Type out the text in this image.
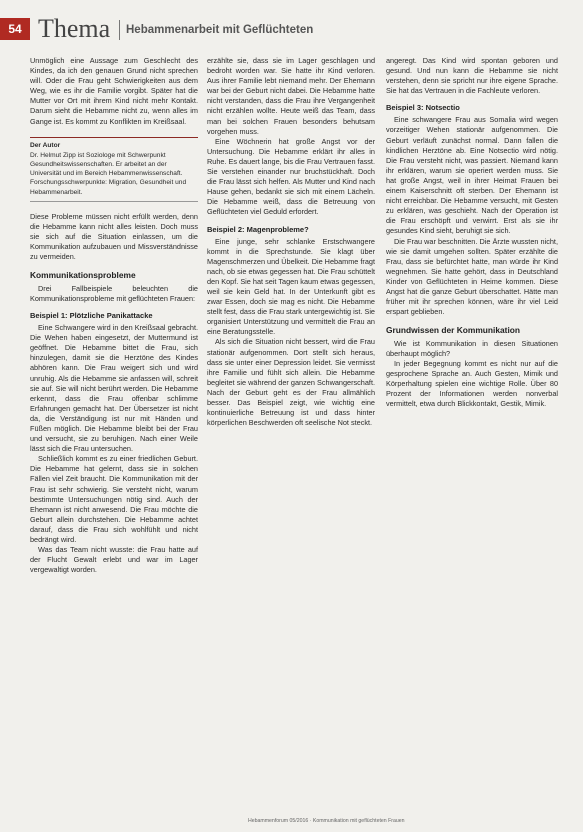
54 Thema Hebammenarbeit mit Geflüchteten

Unmöglich eine Aussage zum Geschlecht des Kindes, da ich den genauen Grund nicht sprechen will. Oder die Frau geht Schwierigkeiten aus dem Weg, wie es ihr die Familie vorgibt. Später hat die Mutter vor Ort mit ihrem Kind nicht mehr Kontakt. Darum sieht die Hebamme nicht zu, wenn alles im Gange ist. Es kommt zu Konflikten im Kreißsaal.

Der Autor
Dr. Helmut Zipp ist Soziologe mit Schwerpunkt Gesundheitswissenschaften. Er arbeitet an der Universität und im Bereich Hebammenwissenschaft. Forschungsschwerpunkte: Migration, Gesundheit und Hebammenarbeit.

Diese Probleme müssen nicht erfüllt werden, denn die Hebamme kann nicht alles leisten. Doch muss sie sich auf die Situation einlassen, um die Kommunikation aufzubauen und Missverständnisse zu vermeiden.

Kommunikationsprobleme

Drei Fallbeispiele beleuchten die Kommunikationsprobleme mit geflüchteten Frauen:

Beispiel 1: Plötzliche Panikattacke

Eine Schwangere wird in den Kreißsaal gebracht. Die Wehen haben eingesetzt, der Muttermund ist geöffnet. Die Hebamme bittet die Frau, sich hinzulegen, damit sie die Herztöne des Kindes abhören kann. Die Frau weigert sich und wird unruhig. Als die Hebamme sie anfassen will, schreit sie auf. Sie will nicht berührt werden. Die Hebamme erkennt, dass die Frau offenbar schlimme Erfahrungen gemacht hat. Der Übersetzer ist nicht da, die Verständigung ist nur mit Händen und Füßen möglich. Die Hebamme bleibt bei der Frau und versucht, sie zu beruhigen. Nach einer Weile lässt sich die Frau untersuchen.

Schließlich kommt es zu einer friedlichen Geburt. Die Hebamme hat gelernt, dass sie in solchen Fällen viel Zeit braucht. Die Kommunikation mit der Frau ist sehr schwierig. Sie versteht nicht, warum bestimmte Untersuchungen nötig sind. Auch der Ehemann ist nicht anwesend. Die Frau möchte die Geburt allein durchstehen. Die Hebamme achtet darauf, dass die Frau sich wohlfühlt und nicht bedrängt wird.

Was das Team nicht wusste: die Frau hatte auf der Flucht Gewalt erlebt und war im Lager vergewaltigt worden.

erzählte sie, dass sie im Lager geschlagen und bedroht worden war. Sie hatte ihr Kind verloren. Aus ihrer Familie lebt niemand mehr. Der Ehemann war bei der Geburt nicht dabei. Die Hebamme hatte nicht verstanden, dass die Frau ihre Vergangenheit nicht erzählen wollte. Heute weiß das Team, dass man bei solchen Frauen besonders behutsam vorgehen muss.

Eine Wöchnerin hat große Angst vor der Untersuchung. Die Hebamme erklärt ihr alles in Ruhe. Es dauert lange, bis die Frau Vertrauen fasst. Sie verstehen einander nur bruchstückhaft. Doch die Frau lässt sich helfen. Als Mutter und Kind nach Hause gehen, bedankt sie sich mit einem Lächeln. Die Hebamme weiß, dass die Betreuung von Geflüchteten viel Geduld erfordert.

Beispiel 2: Magenprobleme?

Eine junge, sehr schlanke Erstschwangere kommt in die Sprechstunde. Sie klagt über Magenschmerzen und Übelkeit. Die Hebamme fragt nach, ob sie etwas gegessen hat. Die Frau schüttelt den Kopf. Sie hat seit Tagen kaum etwas gegessen, weil sie kein Geld hat. In der Unterkunft gibt es zwar Essen, doch sie mag es nicht. Die Hebamme stellt fest, dass die Frau stark untergewichtig ist. Sie organisiert Unterstützung und vermittelt die Frau an eine Beratungsstelle.

Als sich die Situation nicht bessert, wird die Frau stationär aufgenommen. Dort stellt sich heraus, dass sie unter einer Depression leidet. Sie vermisst ihre Familie und fühlt sich allein. Die Hebamme begleitet sie während der ganzen Schwangerschaft. Nach der Geburt geht es der Frau allmählich besser. Das Beispiel zeigt, wie wichtig eine kontinuierliche Betreuung ist und dass hinter körperlichen Beschwerden oft seelische Not steckt.

angeregt. Das Kind wird spontan geboren und gesund. Und nun kann die Hebamme sie nicht verstehen, denn sie spricht nur ihre eigene Sprache. Sie hat das Vertrauen in die Fachleute verloren.

Beispiel 3: Notsectio

Eine schwangere Frau aus Somalia wird wegen vorzeitiger Wehen stationär aufgenommen. Die Geburt verläuft zunächst normal. Dann fallen die kindlichen Herztöne ab. Eine Notsectio wird nötig. Die Frau versteht nicht, was passiert. Niemand kann ihr erklären, warum sie operiert werden muss. Sie hat große Angst, weil in ihrer Heimat Frauen bei einem Kaiserschnitt oft sterben. Der Ehemann ist nicht erreichbar. Die Hebamme versucht, mit Gesten zu erklären, was geschieht. Nach der Operation ist die Frau erschöpft und verwirrt. Erst als sie ihr gesundes Kind sieht, beruhigt sie sich.

Die Frau war beschnitten. Die Ärzte wussten nicht, wie sie damit umgehen sollten. Später erzählte die Frau, dass sie befürchtet hatte, man würde ihr Kind wegnehmen. Sie hatte gehört, dass in Deutschland Kinder von Geflüchteten in Heime kommen. Diese Angst hat die ganze Geburt überschattet. Hätte man früher mit ihr sprechen können, wäre ihr viel Leid erspart geblieben.

Grundwissen der Kommunikation

Wie ist Kommunikation in diesen Situationen überhaupt möglich?

In jeder Begegnung kommt es nicht nur auf die gesprochene Sprache an. Auch Gesten, Mimik und Körperhaltung spielen eine wichtige Rolle. Über 80 Prozent der Informationen werden nonverbal vermittelt, etwa durch Blickkontakt, Gestik, Mimik.

Hebammenforum 05/2016 · Kommunikation mit geflüchteten Frauen
